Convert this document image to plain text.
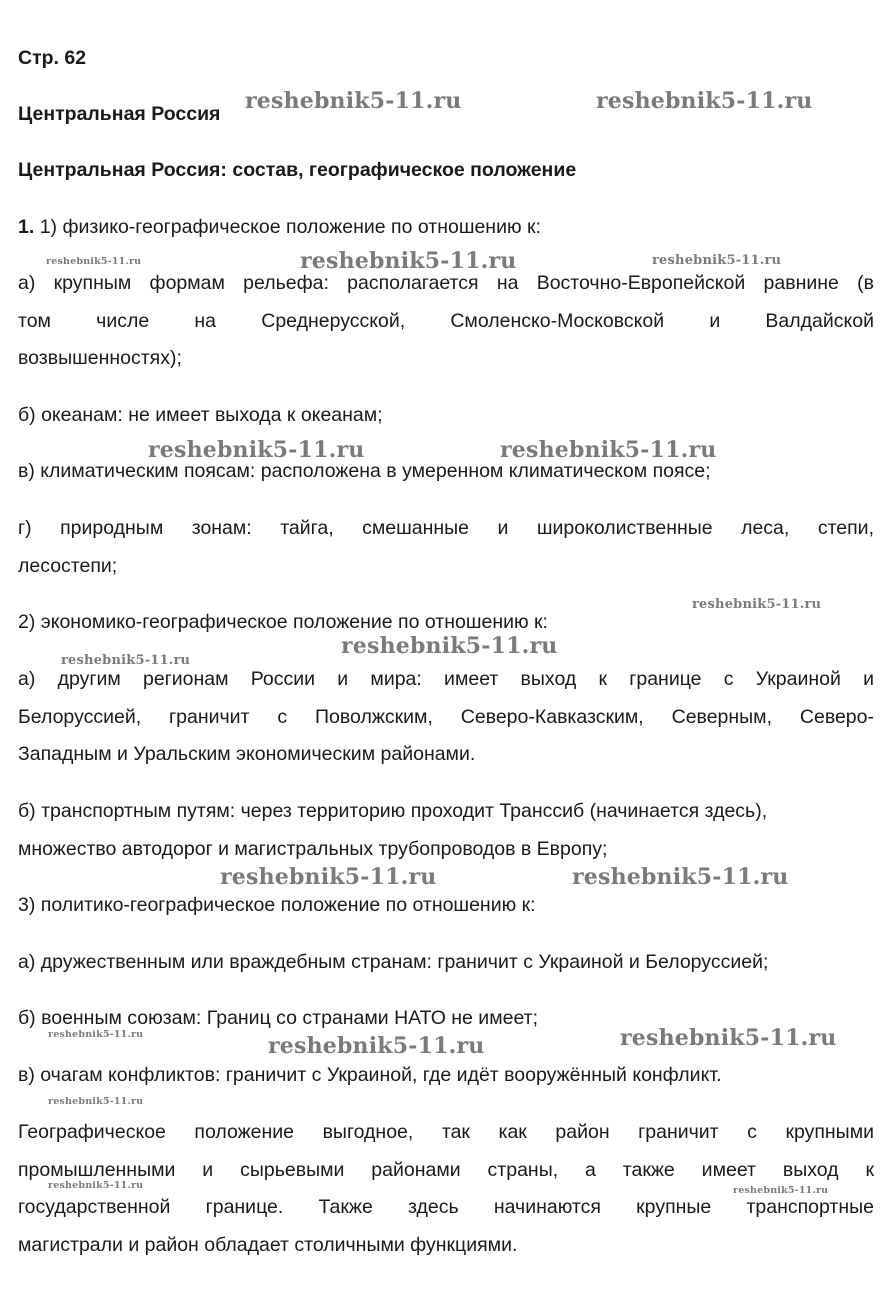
Стр. 62
Центральная Россия
Центральная Россия: состав, географическое положение
1. 1) физико-географическое положение по отношению к:
а) крупным формам рельефа: располагается на Восточно-Европейской равнине (в
том числе на Среднерусской, Смоленско-Московской и Валдайской
возвышенностях);
б) океанам: не имеет выхода к океанам;
в) климатическим поясам: расположена в умеренном климатическом поясе;
г) природным зонам: тайга, смешанные и широколиственные леса, степи,
лесостепи;
2) экономико-географическое положение по отношению к:
а) другим регионам России и мира: имеет выход к границе с Украиной и
Белоруссией, граничит с Поволжским, Северо-Кавказским, Северным, Северо-
Западным и Уральским экономическим районами.
б) транспортным путям: через территорию проходит Транссиб (начинается здесь),
множество автодорог и магистральных трубопроводов в Европу;
3) политико-географическое положение по отношению к:
а) дружественным или враждебным странам: граничит с Украиной и Белоруссией;
б) военным союзам: Границ со странами НАТО не имеет;
в) очагам конфликтов: граничит с Украиной, где идёт вооружённый конфликт.
Географическое положение выгодное, так как район граничит с крупными
промышленными и сырьевыми районами страны, а также имеет выход к
государственной границе. Также здесь начинаются крупные транспортные
магистрали и район обладает столичными функциями.
reshebnik5-11.ru	reshebnik5-11.ru
reshebnik5-11.ru	reshebnik5-11.ru	reshebnik5-11.ru
reshebnik5-11.ru	reshebnik5-11.ru
reshebnik5-11.ru
reshebnik5-11.ru
reshebnik5-11.ru
reshebnik5-11.ru	reshebnik5-11.ru
reshebnik5-11.ru
reshebnik5-11.ru	reshebnik5-11.ru
reshebnik5-11.ru
reshebnik5-11.ru	reshebnik5-11.ru
